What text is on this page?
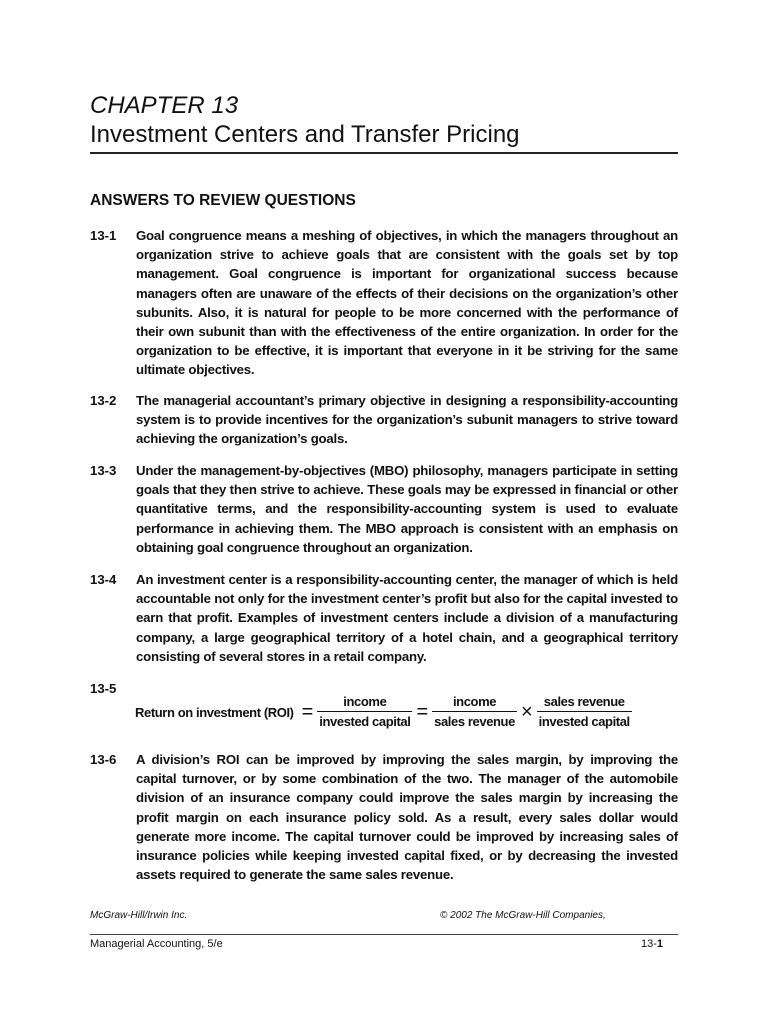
CHAPTER 13
Investment Centers and Transfer Pricing
ANSWERS TO REVIEW QUESTIONS
13-1 Goal congruence means a meshing of objectives, in which the managers throughout an organization strive to achieve goals that are consistent with the goals set by top management. Goal congruence is important for organizational success because managers often are unaware of the effects of their decisions on the organization’s other subunits. Also, it is natural for people to be more concerned with the performance of their own subunit than with the effectiveness of the entire organization. In order for the organization to be effective, it is important that everyone in it be striving for the same ultimate objectives.
13-2 The managerial accountant’s primary objective in designing a responsibility-accounting system is to provide incentives for the organization’s subunit managers to strive toward achieving the organization’s goals.
13-3 Under the management-by-objectives (MBO) philosophy, managers participate in setting goals that they then strive to achieve. These goals may be expressed in financial or other quantitative terms, and the responsibility-accounting system is used to evaluate performance in achieving them. The MBO approach is consistent with an emphasis on obtaining goal congruence throughout an organization.
13-4 An investment center is a responsibility-accounting center, the manager of which is held accountable not only for the investment center’s profit but also for the capital invested to earn that profit. Examples of investment centers include a division of a manufacturing company, a large geographical territory of a hotel chain, and a geographical territory consisting of several stores in a retail company.
13-5
Return on investment $(ROI) = \frac{\text{income}}{\text{invested capital}} = \frac{\text{income}}{\text{sales revenue}} \times \frac{\text{sales revenue}}{\text{invested capital}}$
13-6 A division’s ROI can be improved by improving the sales margin, by improving the capital turnover, or by some combination of the two. The manager of the automobile division of an insurance company could improve the sales margin by increasing the profit margin on each insurance policy sold. As a result, every sales dollar would generate more income. The capital turnover could be improved by increasing sales of insurance policies while keeping invested capital fixed, or by decreasing the invested assets required to generate the same sales revenue.
McGraw-Hill/Irwin Inc.	© 2002 The McGraw-Hill Companies,
Managerial Accounting, 5/e	13-1
